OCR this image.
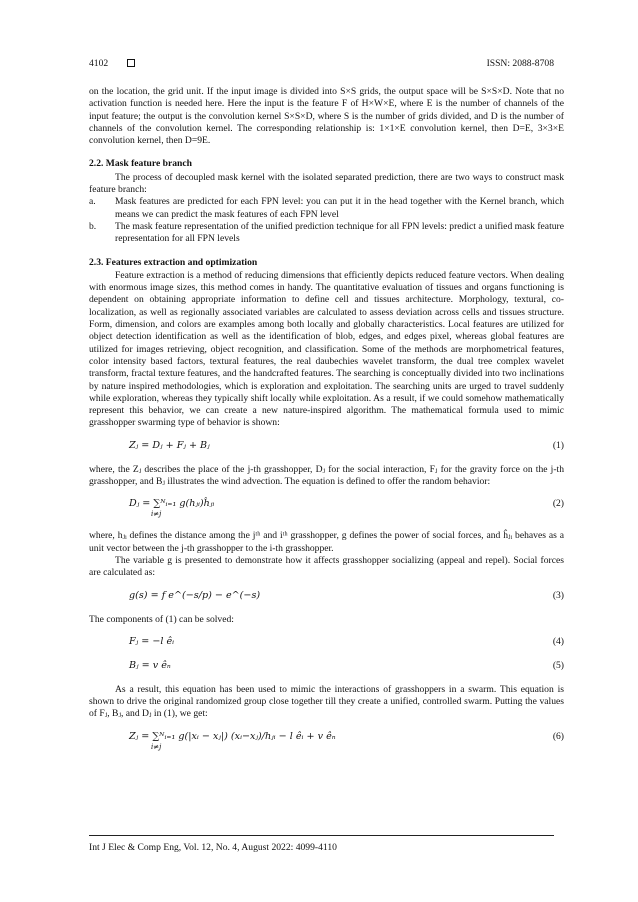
4102	ISSN: 2088-8708

on the location, the grid unit. If the input image is divided into S×S grids, the output space will be S×S×D. Note that no activation function is needed here. Here the input is the feature F of H×W×E, where E is the number of channels of the input feature; the output is the convolution kernel S×S×D, where S is the number of grids divided, and D is the number of channels of the convolution kernel. The corresponding relationship is: 1×1×E convolution kernel, then D=E, 3×3×E convolution kernel, then D=9E.

2.2. Mask feature branch

The process of decoupled mask kernel with the isolated separated prediction, there are two ways to construct mask feature branch:

a. Mask features are predicted for each FPN level: you can put it in the head together with the Kernel branch, which means we can predict the mask features of each FPN level
b. The mask feature representation of the unified prediction technique for all FPN levels: predict a unified mask feature representation for all FPN levels
2.3. Features extraction and optimization

Feature extraction is a method of reducing dimensions that efficiently depicts reduced feature vectors. When dealing with enormous image sizes, this method comes in handy. The quantitative evaluation of tissues and organs functioning is dependent on obtaining appropriate information to define cell and tissues architecture. Morphology, textural, co-localization, as well as regionally associated variables are calculated to assess deviation across cells and tissues structure. Form, dimension, and colors are examples among both locally and globally characteristics. Local features are utilized for object detection identification as well as the identification of blob, edges, and edges pixel, whereas global features are utilized for images retrieving, object recognition, and classification. Some of the methods are morphometrical features, color intensity based factors, textural features, the real daubechies wavelet transform, the dual tree complex wavelet transform, fractal texture features, and the handcrafted features. The searching is conceptually divided into two inclinations by nature inspired methodologies, which is exploration and exploitation. The searching units are urged to travel suddenly while exploration, whereas they typically shift locally while exploitation. As a result, if we could somehow mathematically represent this behavior, we can create a new nature-inspired algorithm. The mathematical formula used to mimic grasshopper swarming type of behavior is shown:

Zⱼ = Dⱼ + Fⱼ + Bⱼ	(1)

where, the Zⱼ describes the place of the j-th grasshopper, Dⱼ for the social interaction, Fⱼ for the gravity force on the j-th grasshopper, and Bⱼ illustrates the wind advection. The equation is defined to offer the random behavior:

Dⱼ = ∑ᴺᵢ₌₁ g(hⱼᵢ)ĥⱼᵢ
i≠j
(2)

where, hⱼᵢ defines the distance among the jᵗʰ and iᵗʰ grasshopper, g defines the power of social forces, and ĥⱼᵢ behaves as a unit vector between the j-th grasshopper to the i-th grasshopper.

The variable g is presented to demonstrate how it affects grasshopper socializing (appeal and repel). Social forces are calculated as:

g(s) = f e^(−s/p) − e^(−s)	(3)

The components of (1) can be solved:

Fⱼ = −l êᵢ	(4)
Bⱼ = v êₙ	(5)

As a result, this equation has been used to mimic the interactions of grasshoppers in a swarm. This equation is shown to drive the original randomized group close together till they create a unified, controlled swarm. Putting the values of Fⱼ, Bⱼ, and Dⱼ in (1), we get:

Zⱼ = ∑ᴺᵢ₌₁ g(|xᵢ − xⱼ|) (xᵢ−xⱼ)/hⱼᵢ − l êᵢ + v êₙ
i≠j
(6)
Int J Elec & Comp Eng, Vol. 12, No. 4, August 2022: 4099-4110
